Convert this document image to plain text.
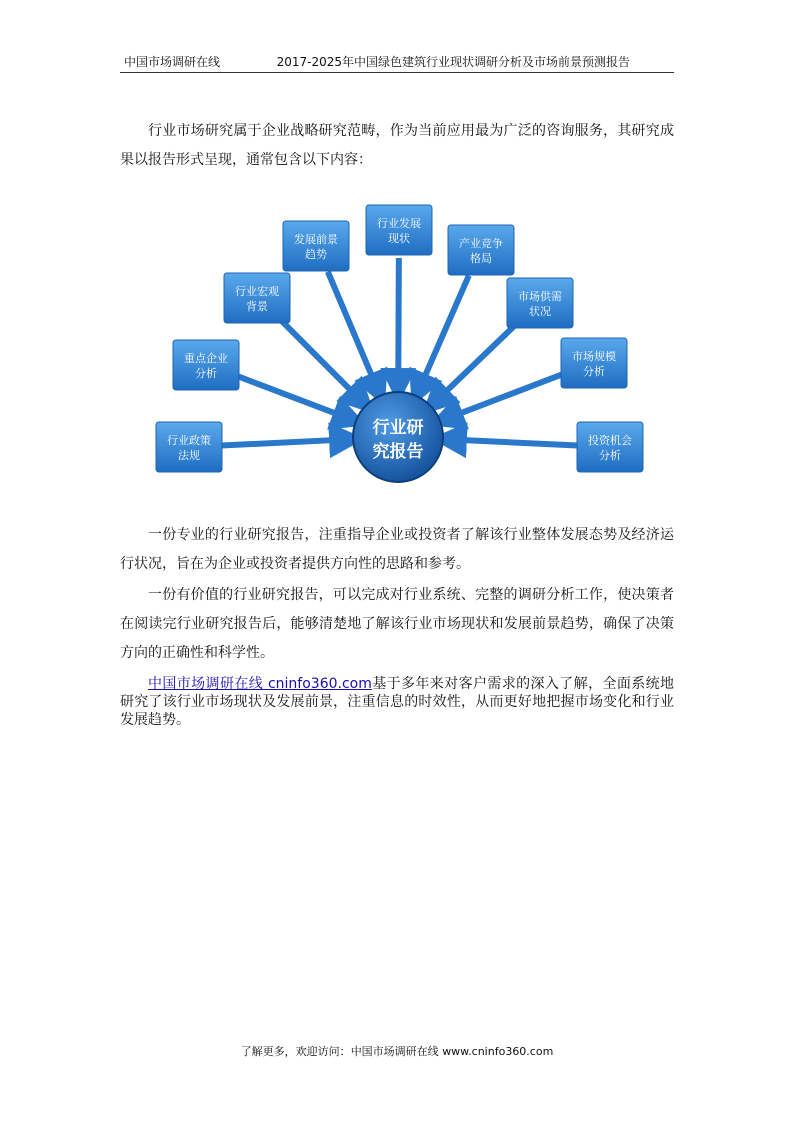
中国市场调研在线	2017-2025年中国绿色建筑行业现状调研分析及市场前景预测报告

行业市场研究属于企业战略研究范畴，作为当前应用最为广泛的咨询服务，其研究成果以报告形式呈现，通常包含以下内容：

行业政策
法规
重点企业
分析
行业宏观
背景
发展前景
趋势
行业发展
现状	产业竞争
格局
市场供需
状况
市场规模
分析
投资机会
分析
行业研
究报告

一份专业的行业研究报告，注重指导企业或投资者了解该行业整体发展态势及经济运行状况，旨在为企业或投资者提供方向性的思路和参考。

一份有价值的行业研究报告，可以完成对行业系统、完整的调研分析工作，使决策者在阅读完行业研究报告后，能够清楚地了解该行业市场现状和发展前景趋势，确保了决策方向的正确性和科学性。

中国市场调研在线 cninfo360.com基于多年来对客户需求的深入了解，全面系统地研究了该行业市场现状及发展前景，注重信息的时效性，从而更好地把握市场变化和行业发展趋势。

了解更多，欢迎访问：中国市场调研在线 www.cninfo360.com
